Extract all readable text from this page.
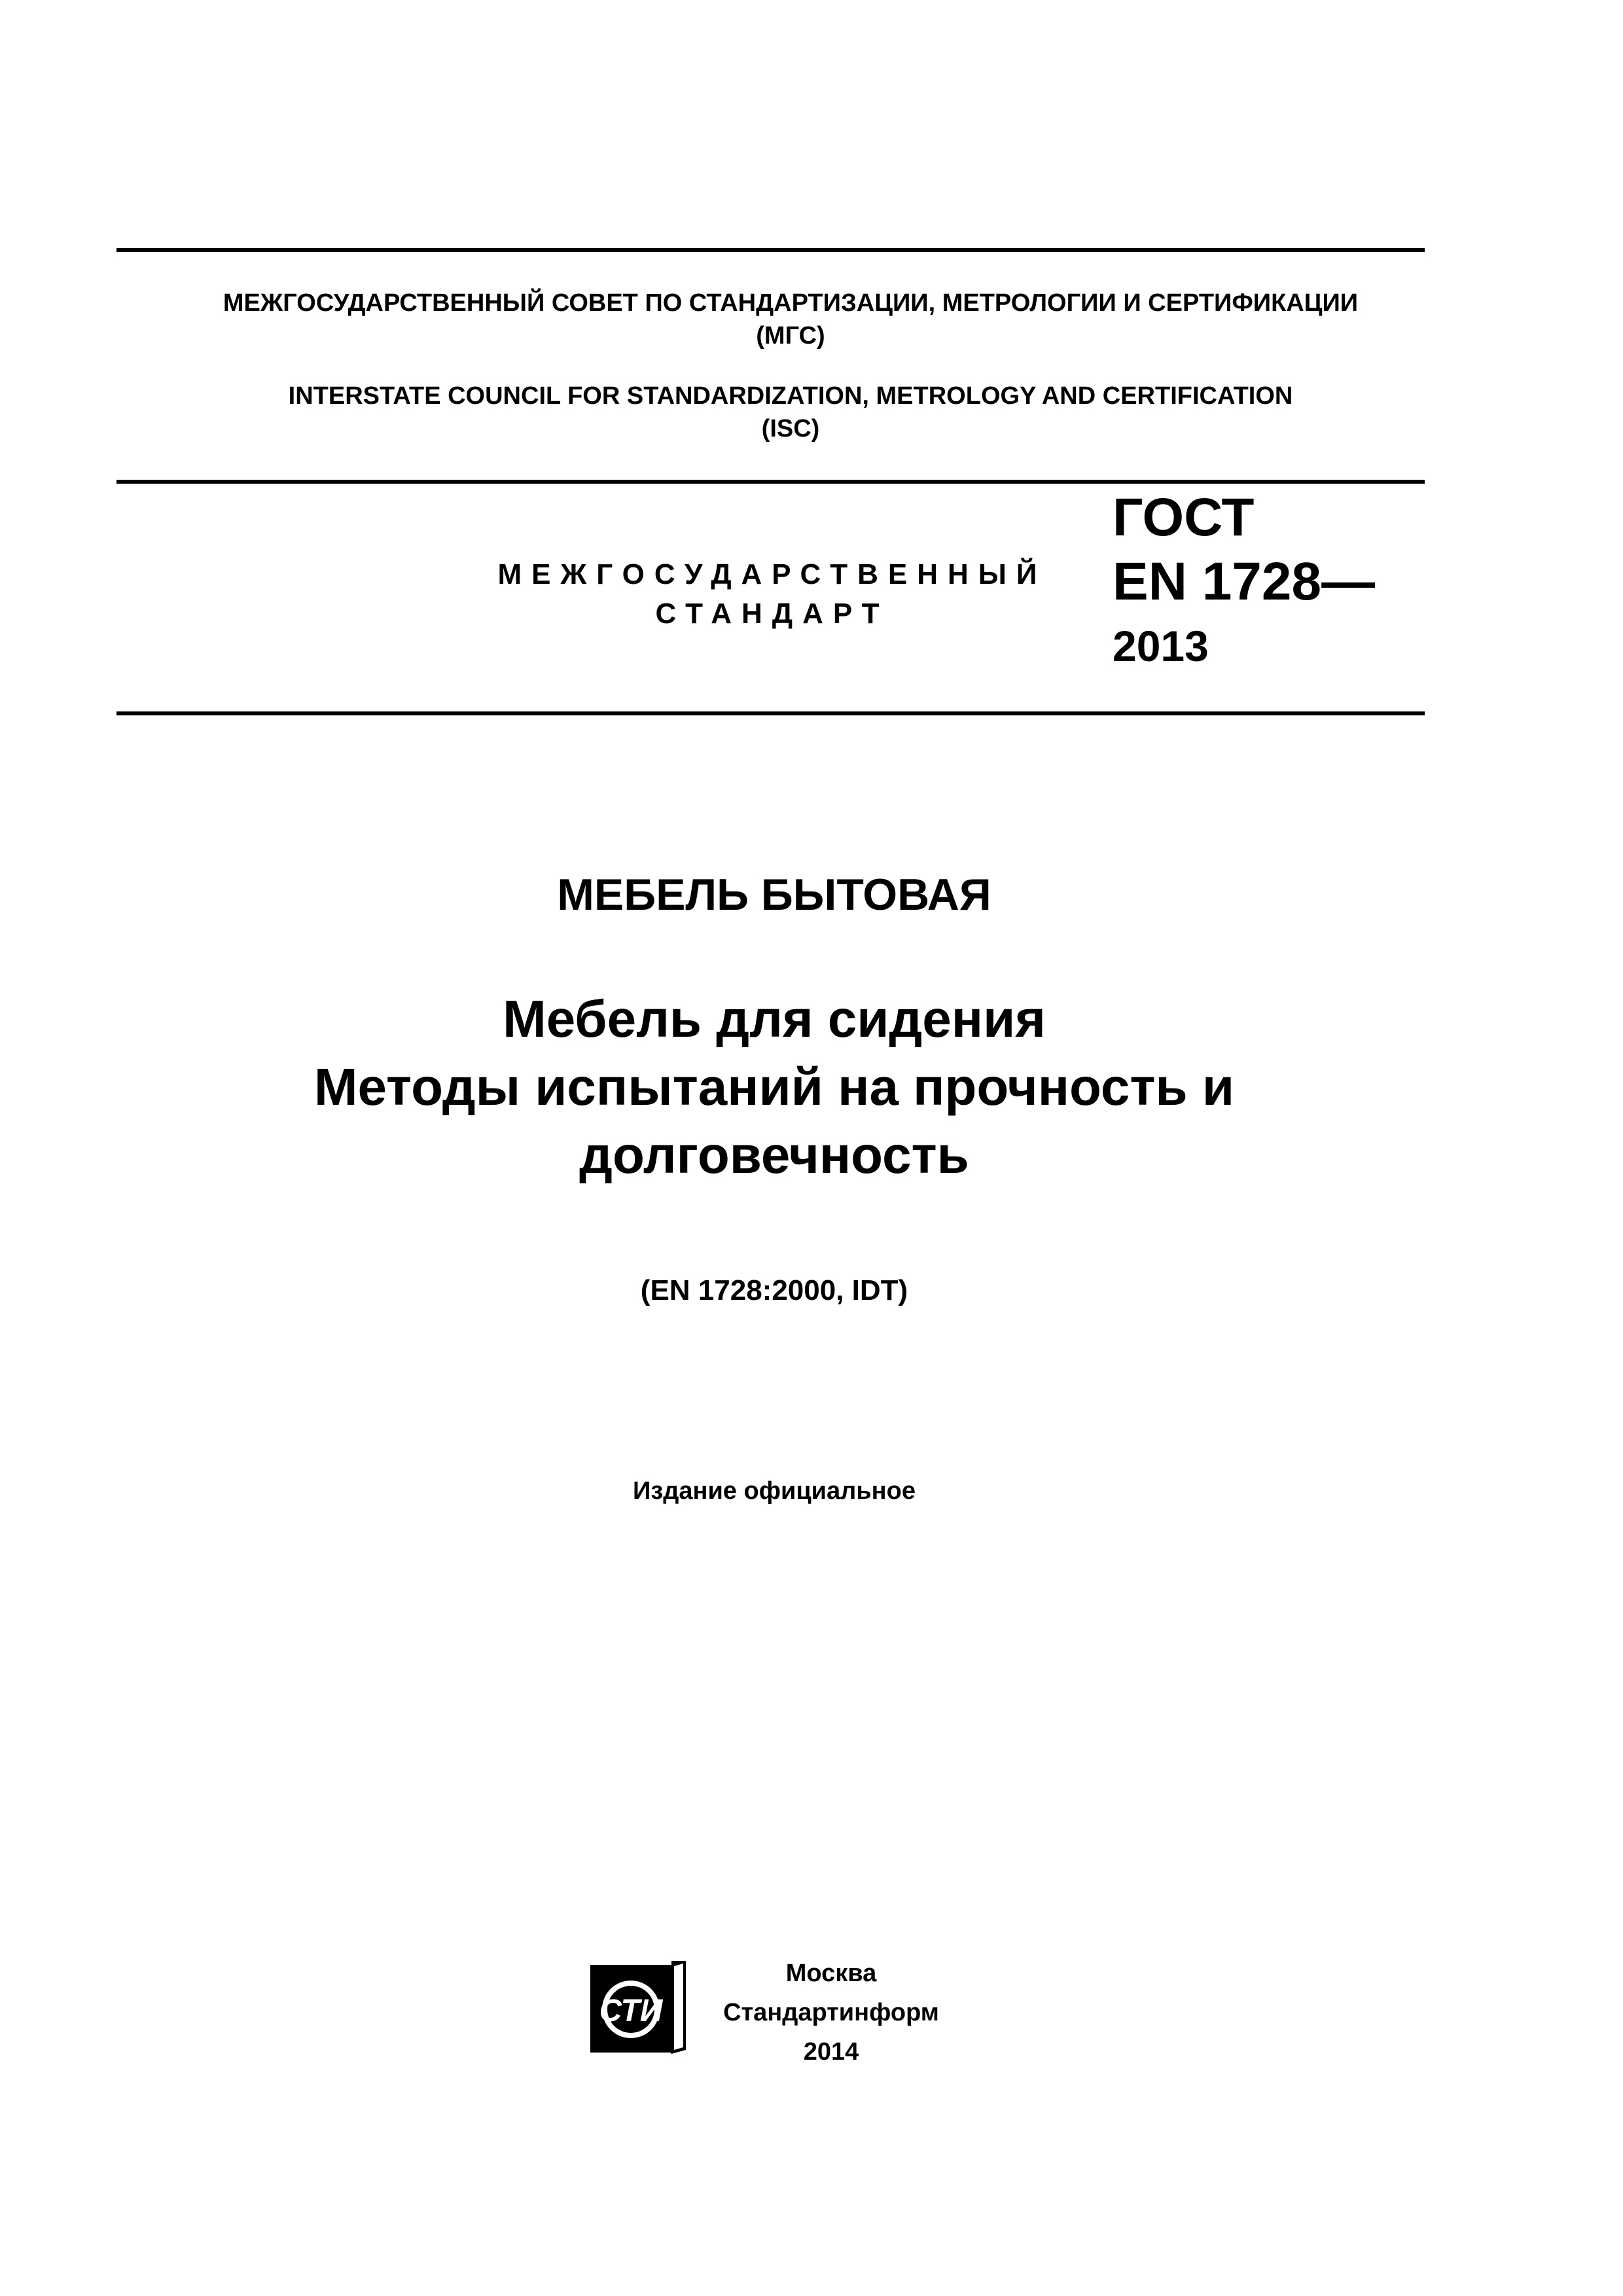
МЕЖГОСУДАРСТВЕННЫЙ СОВЕТ ПО СТАНДАРТИЗАЦИИ, МЕТРОЛОГИИ И СЕРТИФИКАЦИИ
(МГС)
INTERSTATE COUNCIL FOR STANDARDIZATION, METROLOGY AND CERTIFICATION
(ISC)
МЕЖГОСУДАРСТВЕННЫЙ
СТАНДАРТ
ГОСТ
EN 1728—
2013
МЕБЕЛЬ БЫТОВАЯ
Мебель для сидения
Методы испытаний на прочность и
долговечность
(EN 1728:2000, IDT)
Издание официальное
СТИ
Москва
Стандартинформ
2014
